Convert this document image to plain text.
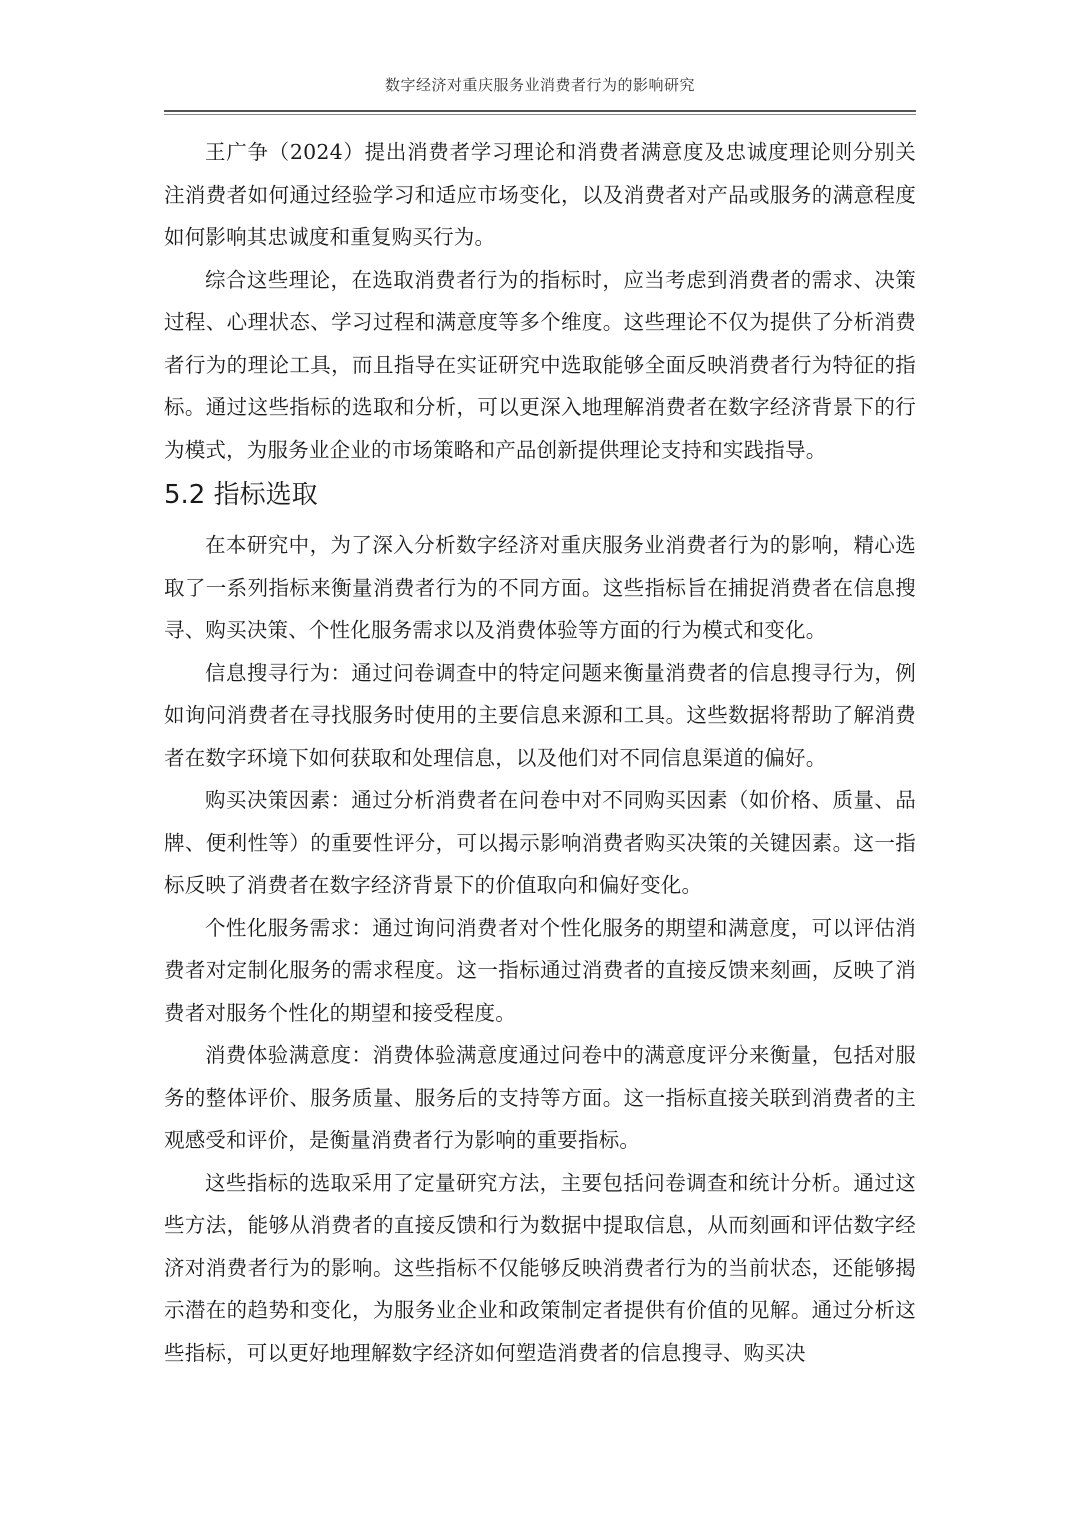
数字经济对重庆服务业消费者行为的影响研究

王广争（2024）提出消费者学习理论和消费者满意度及忠诚度理论则分别关注消费者如何通过经验学习和适应市场变化，以及消费者对产品或服务的满意程度如何影响其忠诚度和重复购买行为。

综合这些理论，在选取消费者行为的指标时，应当考虑到消费者的需求、决策过程、心理状态、学习过程和满意度等多个维度。这些理论不仅为提供了分析消费者行为的理论工具，而且指导在实证研究中选取能够全面反映消费者行为特征的指标。通过这些指标的选取和分析，可以更深入地理解消费者在数字经济背景下的行为模式，为服务业企业的市场策略和产品创新提供理论支持和实践指导。

5.2 指标选取

在本研究中，为了深入分析数字经济对重庆服务业消费者行为的影响，精心选取了一系列指标来衡量消费者行为的不同方面。这些指标旨在捕捉消费者在信息搜寻、购买决策、个性化服务需求以及消费体验等方面的行为模式和变化。

信息搜寻行为：通过问卷调查中的特定问题来衡量消费者的信息搜寻行为，例如询问消费者在寻找服务时使用的主要信息来源和工具。这些数据将帮助了解消费者在数字环境下如何获取和处理信息，以及他们对不同信息渠道的偏好。

购买决策因素：通过分析消费者在问卷中对不同购买因素（如价格、质量、品牌、便利性等）的重要性评分，可以揭示影响消费者购买决策的关键因素。这一指标反映了消费者在数字经济背景下的价值取向和偏好变化。

个性化服务需求：通过询问消费者对个性化服务的期望和满意度，可以评估消费者对定制化服务的需求程度。这一指标通过消费者的直接反馈来刻画，反映了消费者对服务个性化的期望和接受程度。

消费体验满意度：消费体验满意度通过问卷中的满意度评分来衡量，包括对服务的整体评价、服务质量、服务后的支持等方面。这一指标直接关联到消费者的主观感受和评价，是衡量消费者行为影响的重要指标。

这些指标的选取采用了定量研究方法，主要包括问卷调查和统计分析。通过这些方法，能够从消费者的直接反馈和行为数据中提取信息，从而刻画和评估数字经济对消费者行为的影响。这些指标不仅能够反映消费者行为的当前状态，还能够揭示潜在的趋势和变化，为服务业企业和政策制定者提供有价值的见解。通过分析这些指标，可以更好地理解数字经济如何塑造消费者的信息搜寻、购买决
